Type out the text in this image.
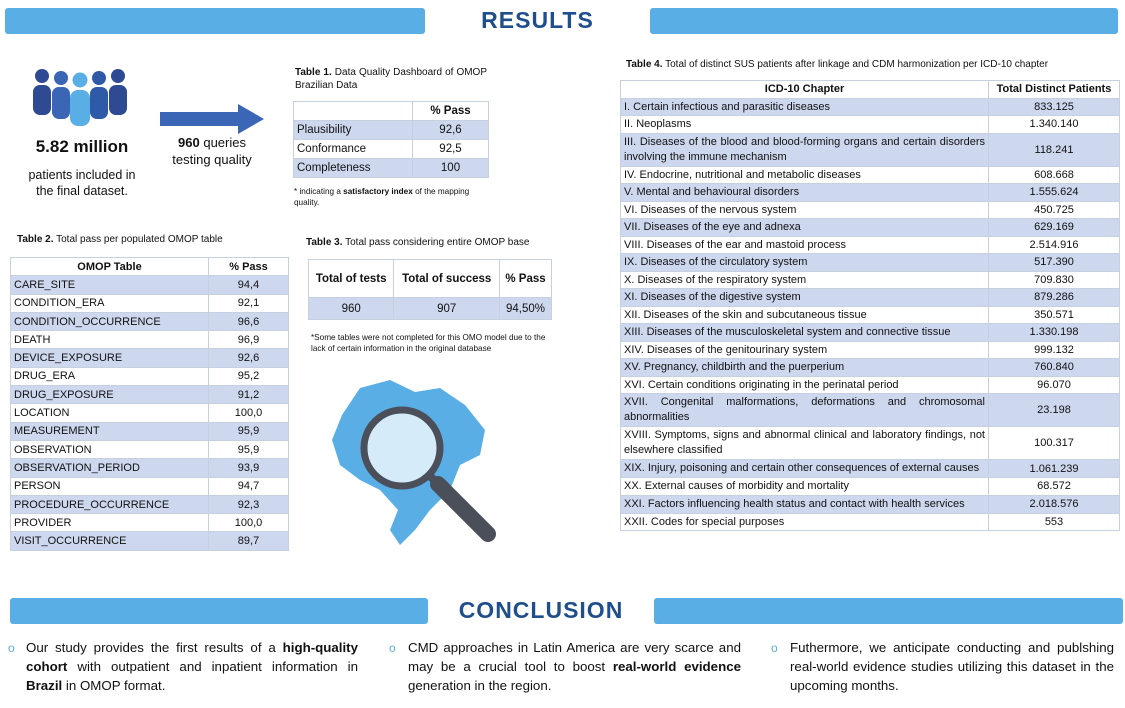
RESULTS
5.82 million
patients included in the final dataset.
960 queries
testing quality
Table 1. Data Quality Dashboard of OMOP Brazilian Data
	% Pass
Plausibility	92,6
Conformance	92,5
Completeness	100
* indicating a satisfactory index of the mapping quality.
Table 2. Total pass per populated OMOP table
OMOP Table	% Pass
CARE_SITE	94,4
CONDITION_ERA	92,1
CONDITION_OCCURRENCE	96,6
DEATH	96,9
DEVICE_EXPOSURE	92,6
DRUG_ERA	95,2
DRUG_EXPOSURE	91,2
LOCATION	100,0
MEASUREMENT	95,9
OBSERVATION	95,9
OBSERVATION_PERIOD	93,9
PERSON	94,7
PROCEDURE_OCCURRENCE	92,3
PROVIDER	100,0
VISIT_OCCURRENCE	89,7
Table 3. Total pass considering entire OMOP base
Total of tests	Total of success	% Pass
960	907	94,50%
*Some tables were not completed for this OMO model due to the lack of certain information in the original database
Table 4. Total of distinct SUS patients after linkage and CDM harmonization per ICD-10 chapter
ICD-10 Chapter	Total Distinct Patients
I. Certain infectious and parasitic diseases	833.125
II. Neoplasms	1.340.140
III. Diseases of the blood and blood-forming organs and certain disorders involving the immune mechanism	118.241
IV. Endocrine, nutritional and metabolic diseases	608.668
V. Mental and behavioural disorders	1.555.624
VI. Diseases of the nervous system	450.725
VII. Diseases of the eye and adnexa	629.169
VIII. Diseases of the ear and mastoid process	2.514.916
IX. Diseases of the circulatory system	517.390
X. Diseases of the respiratory system	709.830
XI. Diseases of the digestive system	879.286
XII. Diseases of the skin and subcutaneous tissue	350.571
XIII. Diseases of the musculoskeletal system and connective tissue	1.330.198
XIV. Diseases of the genitourinary system	999.132
XV. Pregnancy, childbirth and the puerperium	760.840
XVI. Certain conditions originating in the perinatal period	96.070
XVII. Congenital malformations, deformations and chromosomal abnormalities	23.198
XVIII. Symptoms, signs and abnormal clinical and laboratory findings, not elsewhere classified	100.317
XIX. Injury, poisoning and certain other consequences of external causes	1.061.239
XX. External causes of morbidity and mortality	68.572
XXI. Factors influencing health status and contact with health services	2.018.576
XXII. Codes for special purposes	553
CONCLUSION
o Our study provides the first results of a high-quality cohort with outpatient and inpatient information in Brazil in OMOP format.
o CMD approaches in Latin America are very scarce and may be a crucial tool to boost real-world evidence generation in the region.
o Futhermore, we anticipate conducting and publshing real-world evidence studies utilizing this dataset in the upcoming months.
